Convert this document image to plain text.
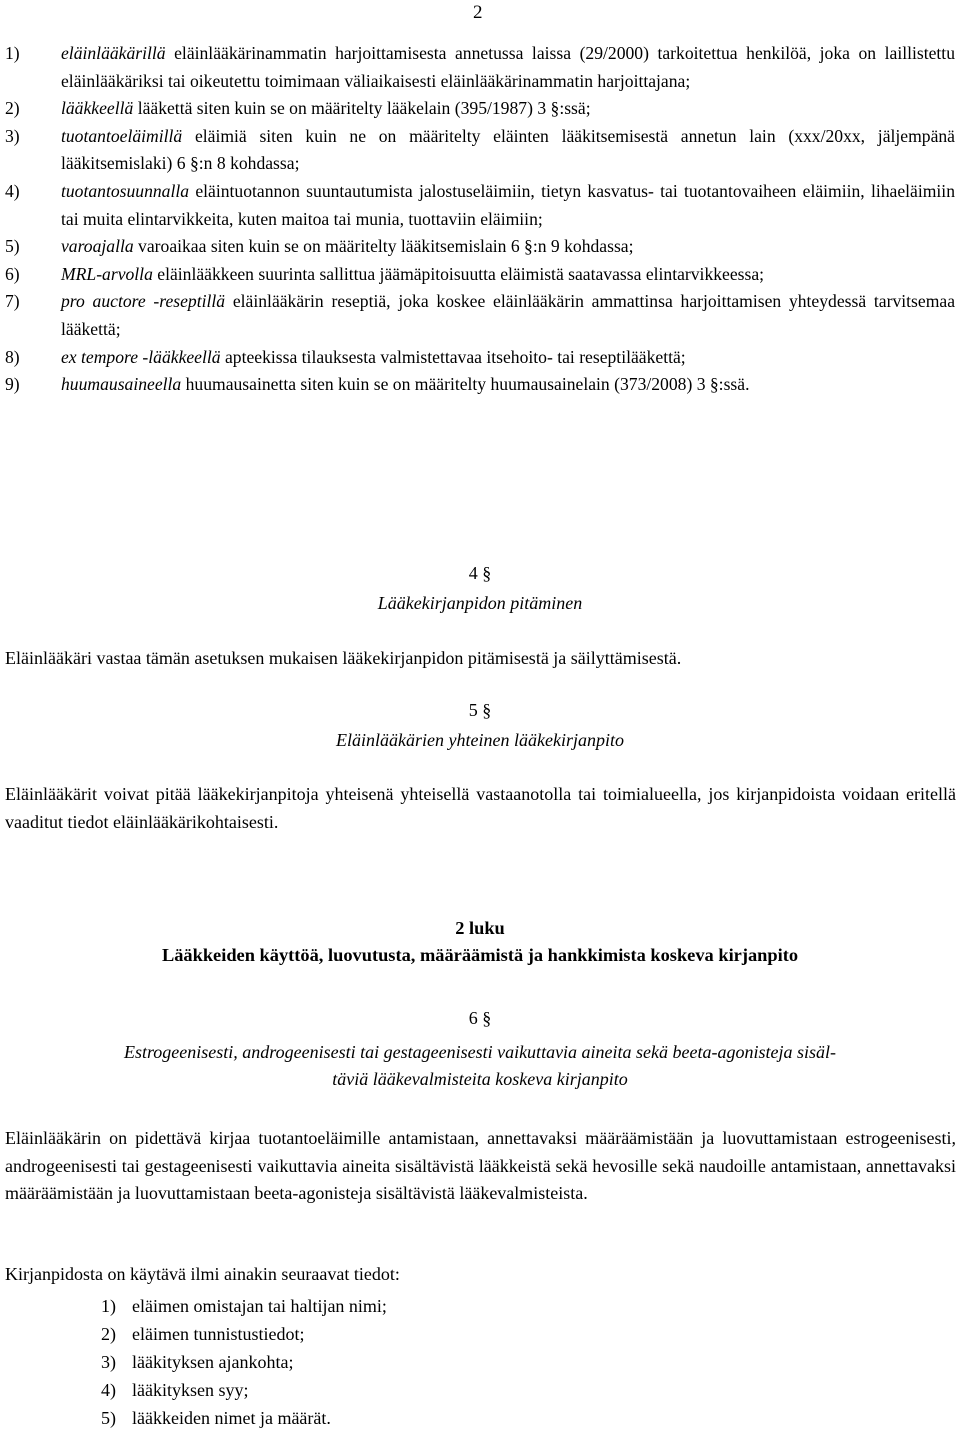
2
1) eläinlääkärillä eläinlääkärinammatin harjoittamisesta annetussa laissa (29/2000) tarkoitettua henkilöä, joka on laillistettu eläinlääkäriksi tai oikeutettu toimimaan väliaikaisesti eläinlääkärinammatin harjoittajana;
2) lääkkeellä lääkettä siten kuin se on määritelty lääkelain (395/1987) 3 §:ssä;
3) tuotantoeläimillä eläimiä siten kuin ne on määritelty eläinten lääkitsemisestä annetun lain (xxx/20xx, jäljempänä lääkitsemislaki) 6 §:n 8 kohdassa;
4) tuotantosuunnalla eläintuotannon suuntautumista jalostuseläimiin, tietyn kasvatus- tai tuotantovaiheen eläimiin, lihaeläimiin tai muita elintarvikkeita, kuten maitoa tai munia, tuottaviin eläimiin;
5) varoajalla varoaikaa siten kuin se on määritelty lääkitsemislain 6 §:n 9 kohdassa;
6) MRL-arvolla eläinlääkkeen suurinta sallittua jäämäpitoisuutta eläimistä saatavassa elintarvikkeessa;
7) pro auctore -reseptillä eläinlääkärin reseptiä, joka koskee eläinlääkärin ammattinsa harjoittamisen yhteydessä tarvitsemaa lääkettä;
8) ex tempore -lääkkeellä apteekissa tilauksesta valmistettavaa itsehoito- tai reseptilääkettä;
9) huumausaineella huumausainetta siten kuin se on määritelty huumausainelain (373/2008) 3 §:ssä.
4 §
Lääkekirjanpidon pitäminen
Eläinlääkäri vastaa tämän asetuksen mukaisen lääkekirjanpidon pitämisestä ja säilyttämisestä.
5 §
Eläinlääkärien yhteinen lääkekirjanpito
Eläinlääkärit voivat pitää lääkekirjanpitoja yhteisenä yhteisellä vastaanotolla tai toimialueella, jos kirjanpidoista voidaan eritellä vaaditut tiedot eläinlääkärikohtaisesti.
2 luku
Lääkkeiden käyttöä, luovutusta, määräämistä ja hankkimista koskeva kirjanpito
6 §
Estrogeenisesti, androgeenisesti tai gestageenisesti vaikuttavia aineita sekä beeta-agonisteja sisäl-
täviä lääkevalmisteita koskeva kirjanpito
Eläinlääkärin on pidettävä kirjaa tuotantoeläimille antamistaan, annettavaksi määräämistään ja luovuttamistaan estrogeenisesti, androgeenisesti tai gestageenisesti vaikuttavia aineita sisältävistä lääkkeistä sekä hevosille sekä naudoille antamistaan, annettavaksi määräämistään ja luovuttamistaan beeta-agonisteja sisältävistä lääkevalmisteista.
Kirjanpidosta on käytävä ilmi ainakin seuraavat tiedot:
1) eläimen omistajan tai haltijan nimi;
2) eläimen tunnistustiedot;
3) lääkityksen ajankohta;
4) lääkityksen syy;
5) lääkkeiden nimet ja määrät.
